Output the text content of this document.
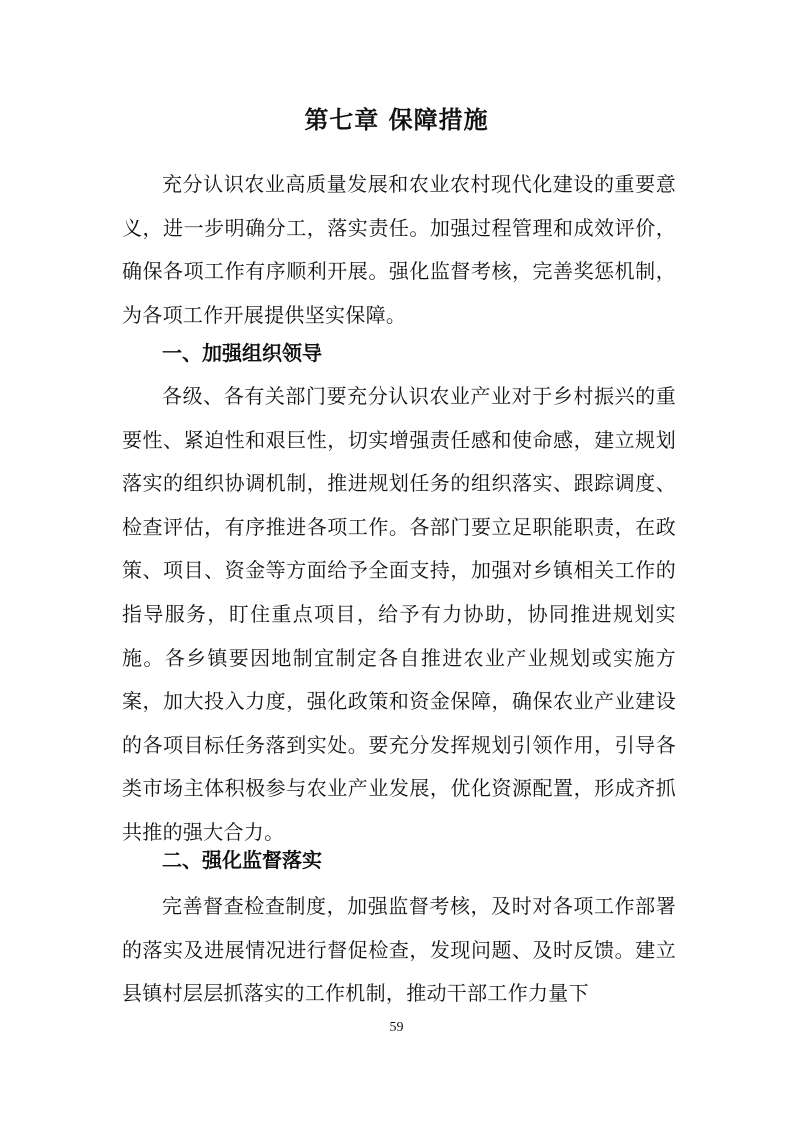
第七章 保障措施

充分认识农业高质量发展和农业农村现代化建设的重要意义，进一步明确分工，落实责任。加强过程管理和成效评价，确保各项工作有序顺利开展。强化监督考核，完善奖惩机制，为各项工作开展提供坚实保障。

一、加强组织领导

各级、各有关部门要充分认识农业产业对于乡村振兴的重要性、紧迫性和艰巨性，切实增强责任感和使命感，建立规划落实的组织协调机制，推进规划任务的组织落实、跟踪调度、检查评估，有序推进各项工作。各部门要立足职能职责，在政策、项目、资金等方面给予全面支持，加强对乡镇相关工作的指导服务，盯住重点项目，给予有力协助，协同推进规划实施。各乡镇要因地制宜制定各自推进农业产业规划或实施方案，加大投入力度，强化政策和资金保障，确保农业产业建设的各项目标任务落到实处。要充分发挥规划引领作用，引导各类市场主体积极参与农业产业发展，优化资源配置，形成齐抓共推的强大合力。

二、强化监督落实

完善督查检查制度，加强监督考核，及时对各项工作部署的落实及进展情况进行督促检查，发现问题、及时反馈。建立县镇村层层抓落实的工作机制，推动干部工作力量下

59
